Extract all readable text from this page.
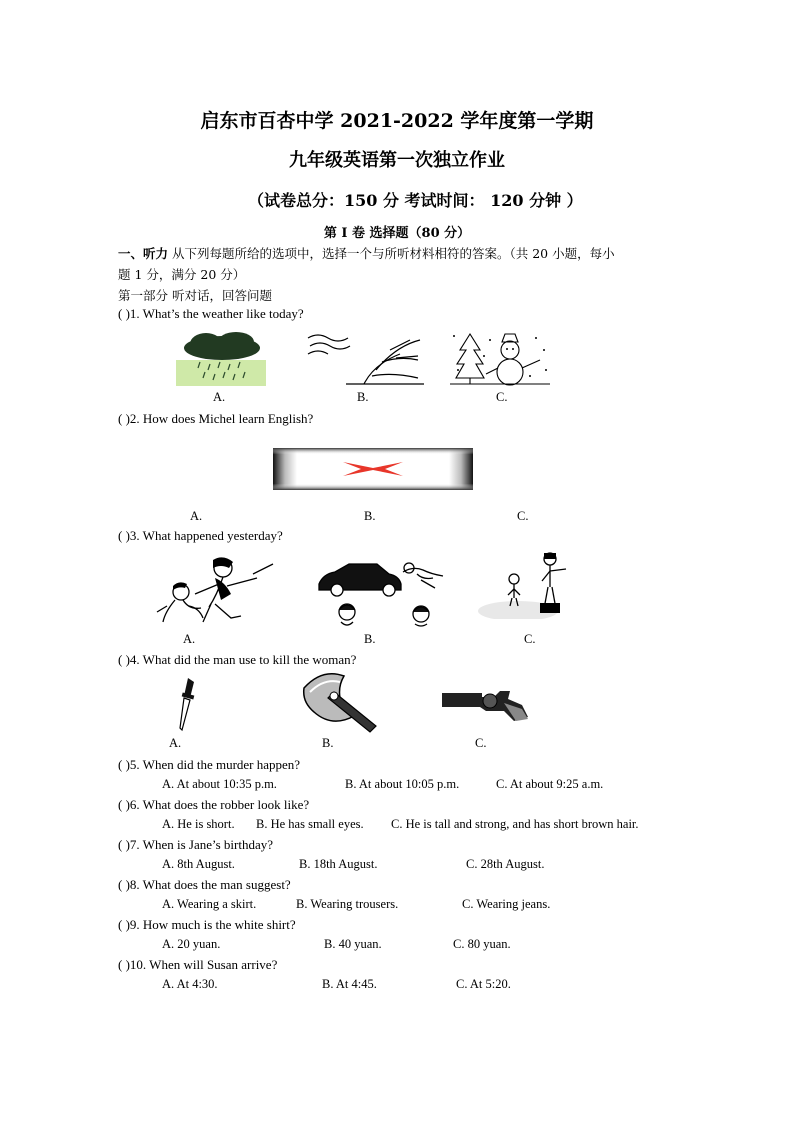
启东市百杏中学 2021-2022 学年度第一学期
九年级英语第一次独立作业
（试卷总分：150 分 考试时间： 120 分钟 ）
第 I 卷 选择题（80 分）
一、听力 从下列每题所给的选项中，选择一个与所听材料相符的答案。（共 20 小题，每小
题 1 分，满分 20 分）
第一部分 听对话，回答问题
( )1. What’s the weather like today?
A.	B.	C.
( )2. How does Michel learn English?
A.	B.	C.
( )3. What happened yesterday?
A.	B.	C.
( )4. What did the man use to kill the woman?
A.	B.	C.
( )5. When did the murder happen?
A. At about 10:35 p.m.	B. At about 10:05 p.m.	C. At about 9:25 a.m.
( )6. What does the robber look like?
A. He is short. B. He has small eyes. C. He is tall and strong, and has short brown hair.
( )7. When is Jane’s birthday?
A. 8th August.	B. 18th August.	C. 28th August.
( )8. What does the man suggest?
A. Wearing a skirt.	B. Wearing trousers.	C. Wearing jeans.
( )9. How much is the white shirt?
A. 20 yuan.	B. 40 yuan.	C. 80 yuan.
( )10. When will Susan arrive?
A. At 4:30.	B. At 4:45.	C. At 5:20.
